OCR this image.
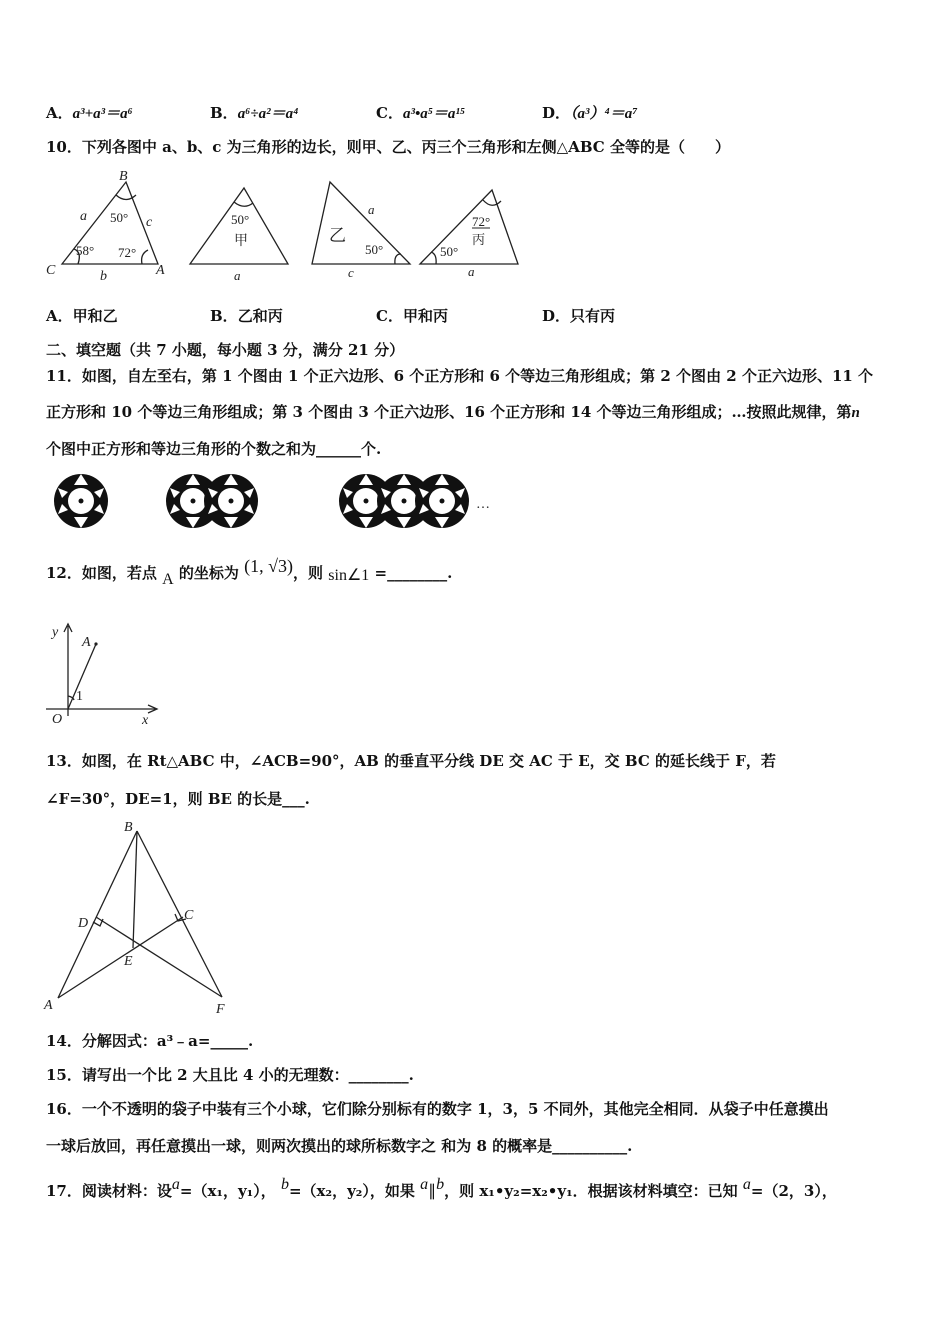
A．a³+a³＝a⁶	B．a⁶÷a²＝a⁴	C．a³•a⁵＝a¹⁵	D．（a³）⁴＝a⁷
10．下列各图中 a、b、c 为三角形的边长，则甲、乙、丙三个三角形和左侧△ABC 全等的是（　　）
B
A
C
a	c
b
50°
58° 72°
50°
甲
a
乙
a
c
50°
72°
丙
50°
a
A．甲和乙	B．乙和丙	C．甲和丙	D．只有丙
二、填空题（共 7 小题，每小题 3 分，满分 21 分）
11．如图，自左至右，第 1 个图由 1 个正六边形、6 个正方形和 6 个等边三角形组成；第 2 个图由 2 个正六边形、11 个
正方形和 10 个等边三角形组成；第 3 个图由 3 个正六边形、16 个正方形和 14 个等边三角形组成；…按照此规律，第n
个图中正方形和等边三角形的个数之和为______个.
…
12．如图，若点 A 的坐标为 (1, √3)，则 sin∠1 =________.
y
A
1
O	x
13．如图，在 Rt△ABC 中，∠ACB=90°，AB 的垂直平分线 DE 交 AC 于 E，交 BC 的延长线于 F，若
∠F=30°，DE=1，则 BE 的长是___.
B
D
C
E
A	F
14．分解因式：a³﹣a=_____.
15．请写出一个比 2 大且比 4 小的无理数：________.
16．一个不透明的袋子中装有三个小球，它们除分别标有的数字 1，3，5 不同外，其他完全相同．从袋子中任意摸出
一球后放回，再任意摸出一球，则两次摸出的球所标数字之 和为 8 的概率是__________.
17．阅读材料：设a=（x₁，y₁）， b=（x₂，y₂），如果 a∥b，则 x₁•y₂=x₂•y₁．根据该材料填空：已知 a=（2，3），
